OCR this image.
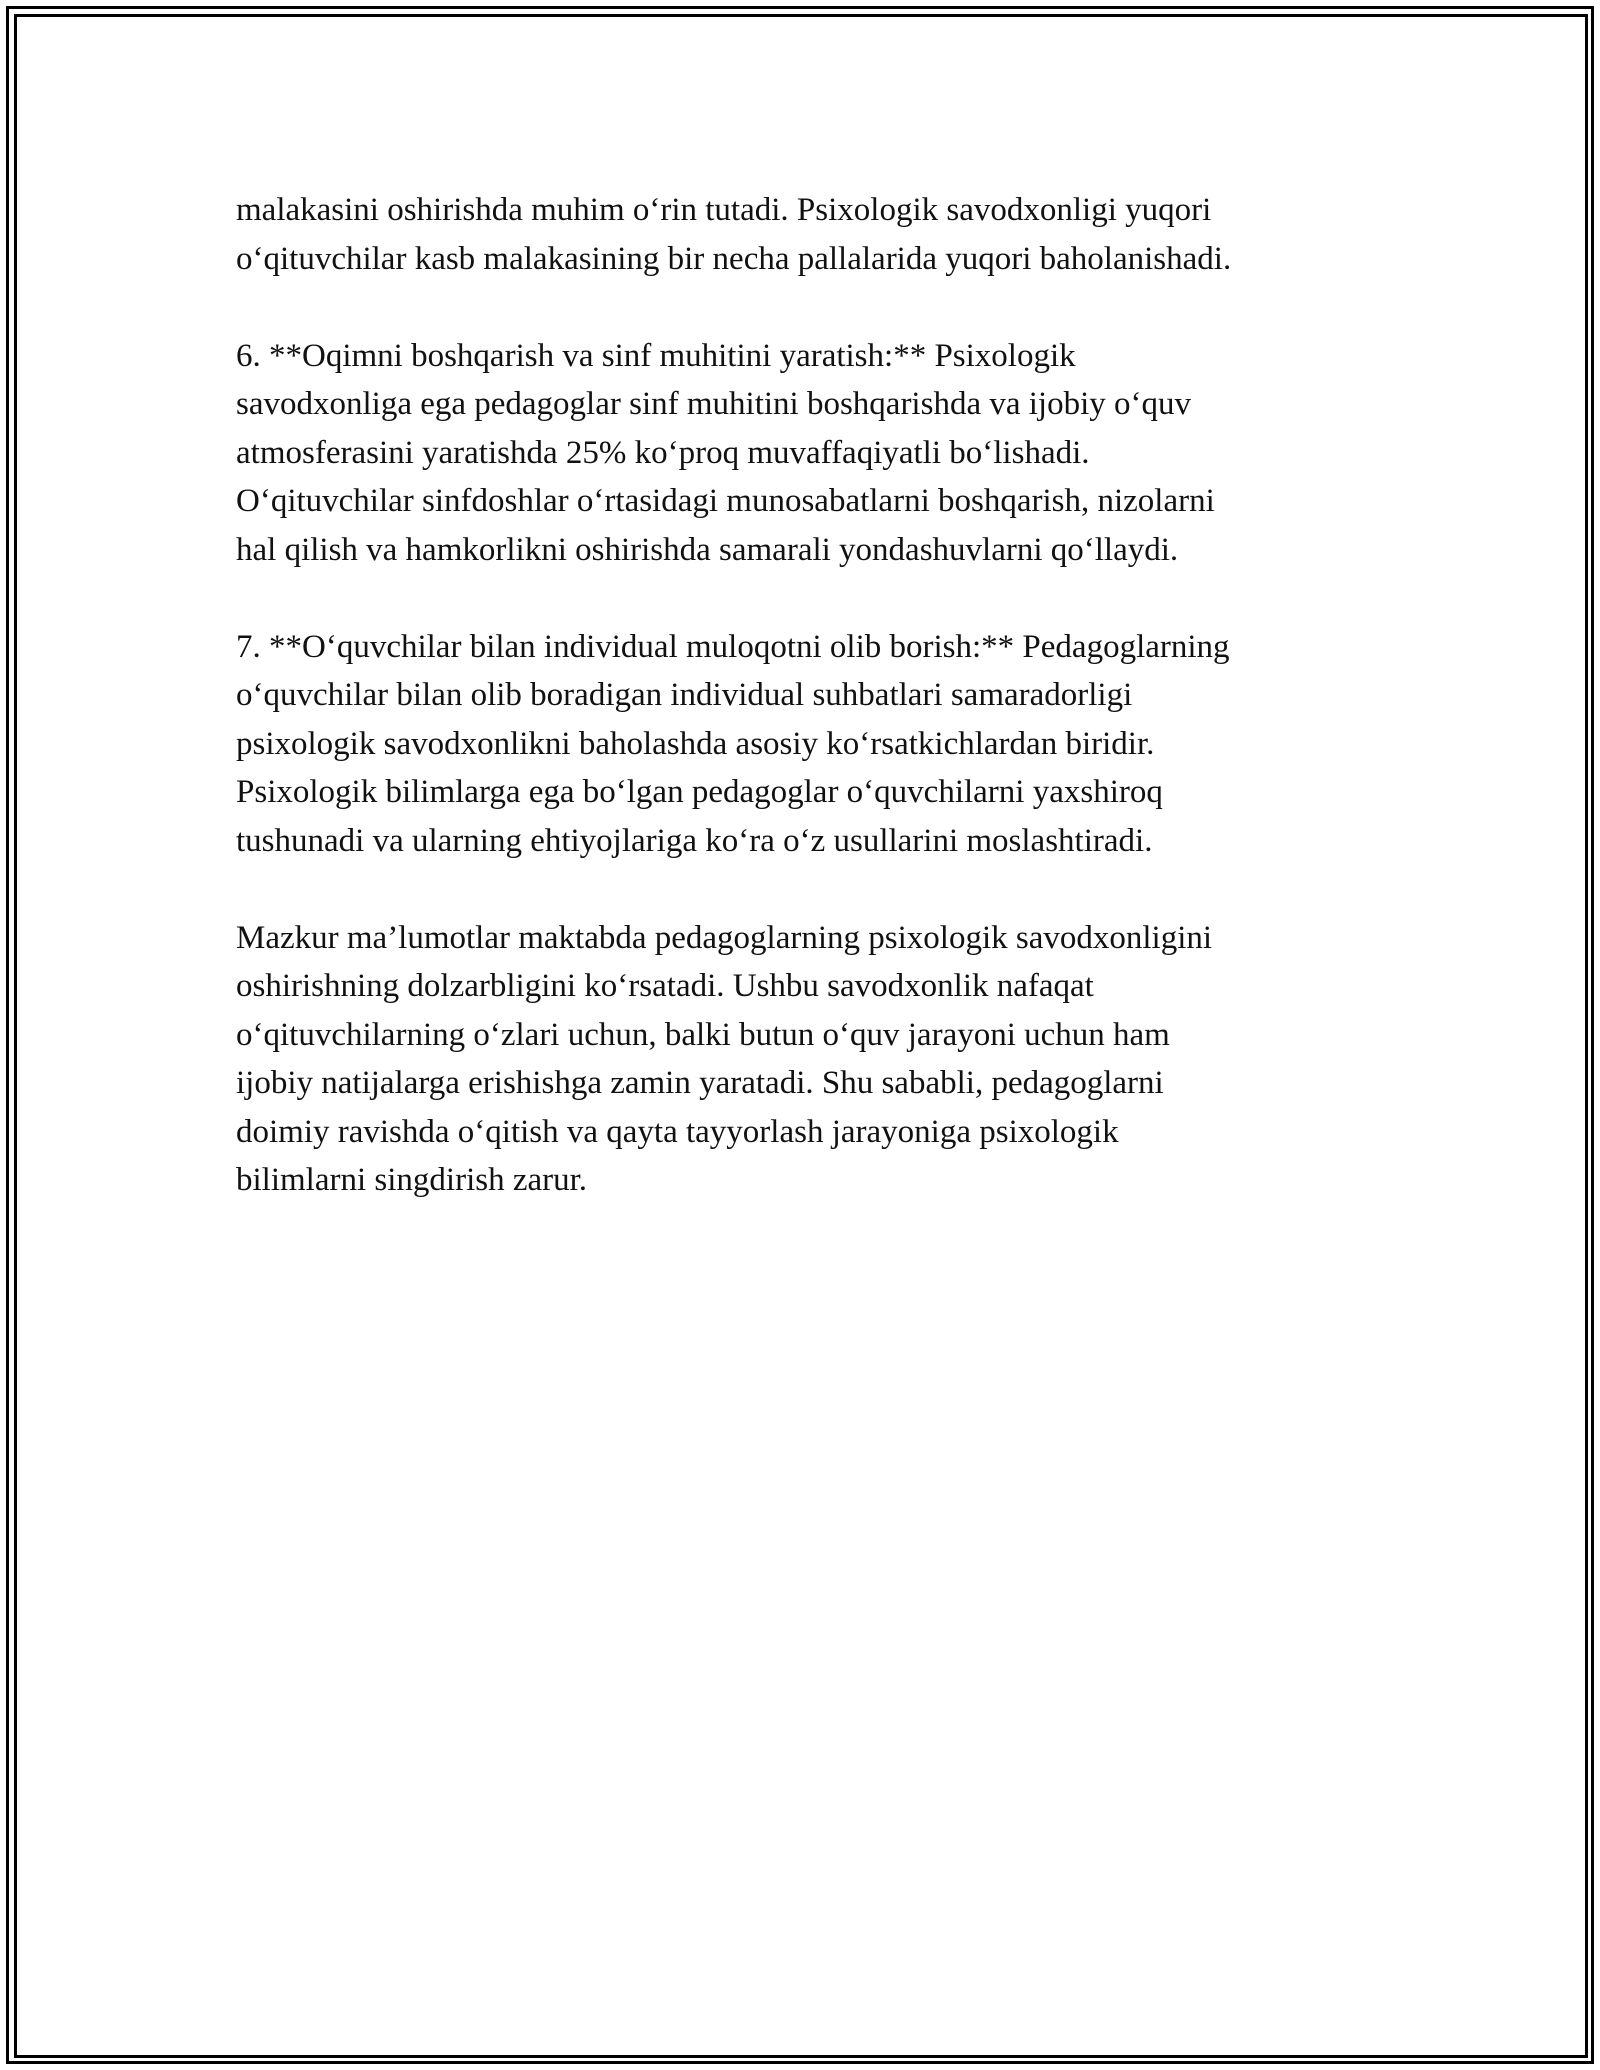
malakasini oshirishda muhim o‘rin tutadi. Psixologik savodxonligi yuqori
o‘qituvchilar kasb malakasining bir necha pallalarida yuqori baholanishadi.

6. **Oqimni boshqarish va sinf muhitini yaratish:** Psixologik
savodxonliga ega pedagoglar sinf muhitini boshqarishda va ijobiy o‘quv
atmosferasini yaratishda 25% ko‘proq muvaffaqiyatli bo‘lishadi.
O‘qituvchilar sinfdoshlar o‘rtasidagi munosabatlarni boshqarish, nizolarni
hal qilish va hamkorlikni oshirishda samarali yondashuvlarni qo‘llaydi.

7. **O‘quvchilar bilan individual muloqotni olib borish:** Pedagoglarning
o‘quvchilar bilan olib boradigan individual suhbatlari samaradorligi
psixologik savodxonlikni baholashda asosiy ko‘rsatkichlardan biridir.
Psixologik bilimlarga ega bo‘lgan pedagoglar o‘quvchilarni yaxshiroq
tushunadi va ularning ehtiyojlariga ko‘ra o‘z usullarini moslashtiradi.

Mazkur ma’lumotlar maktabda pedagoglarning psixologik savodxonligini
oshirishning dolzarbligini ko‘rsatadi. Ushbu savodxonlik nafaqat
o‘qituvchilarning o‘zlari uchun, balki butun o‘quv jarayoni uchun ham
ijobiy natijalarga erishishga zamin yaratadi. Shu sababli, pedagoglarni
doimiy ravishda o‘qitish va qayta tayyorlash jarayoniga psixologik
bilimlarni singdirish zarur.
